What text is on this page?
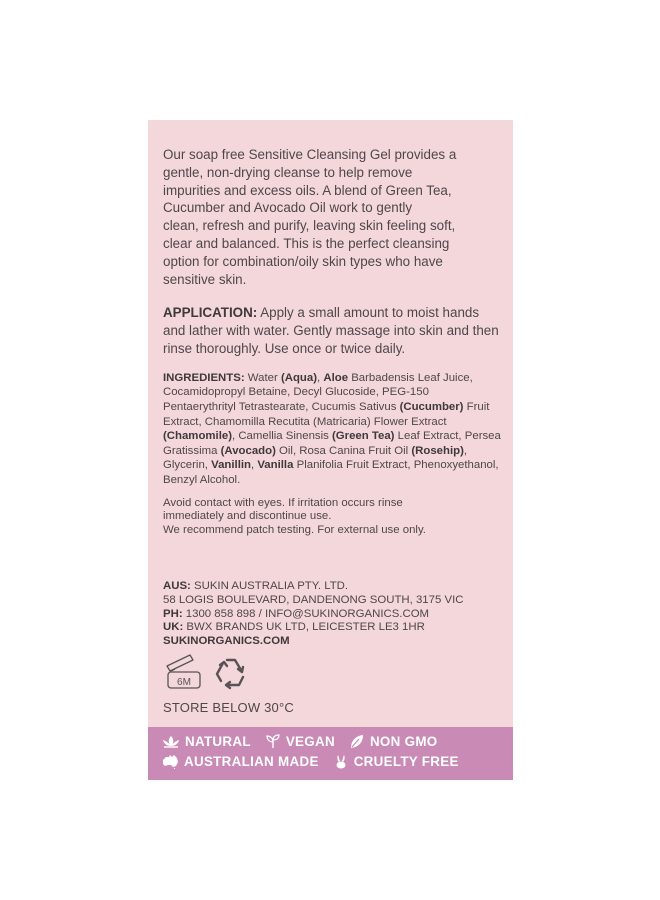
Our soap free Sensitive Cleansing Gel provides a
gentle, non-drying cleanse to help remove
impurities and excess oils. A blend of Green Tea,
Cucumber and Avocado Oil work to gently
clean, refresh and purify, leaving skin feeling soft,
clear and balanced. This is the perfect cleansing
option for combination/oily skin types who have
sensitive skin.

APPLICATION: Apply a small amount to moist hands and lather with water. Gently massage into skin and then rinse thoroughly. Use once or twice daily.

INGREDIENTS: Water (Aqua), Aloe Barbadensis Leaf Juice, Cocamidopropyl Betaine, Decyl Glucoside, PEG-150 Pentaerythrityl Tetrastearate, Cucumis Sativus (Cucumber) Fruit Extract, Chamomilla Recutita (Matricaria) Flower Extract (Chamomile), Camellia Sinensis (Green Tea) Leaf Extract, Persea Gratissima (Avocado) Oil, Rosa Canina Fruit Oil (Rosehip), Glycerin, Vanillin, Vanilla Planifolia Fruit Extract, Phenoxyethanol, Benzyl Alcohol.

Avoid contact with eyes. If irritation occurs rinse
immediately and discontinue use.
We recommend patch testing. For external use only.

AUS: SUKIN AUSTRALIA PTY. LTD.
58 LOGIS BOULEVARD, DANDENONG SOUTH, 3175 VIC
PH: 1300 858 898 / INFO@SUKINORGANICS.COM
UK: BWX BRANDS UK LTD, LEICESTER LE3 1HR
SUKINORGANICS.COM
6M
STORE BELOW 30°C
NATURAL	VEGAN	NON GMO
AUSTRALIAN MADE	CRUELTY FREE
